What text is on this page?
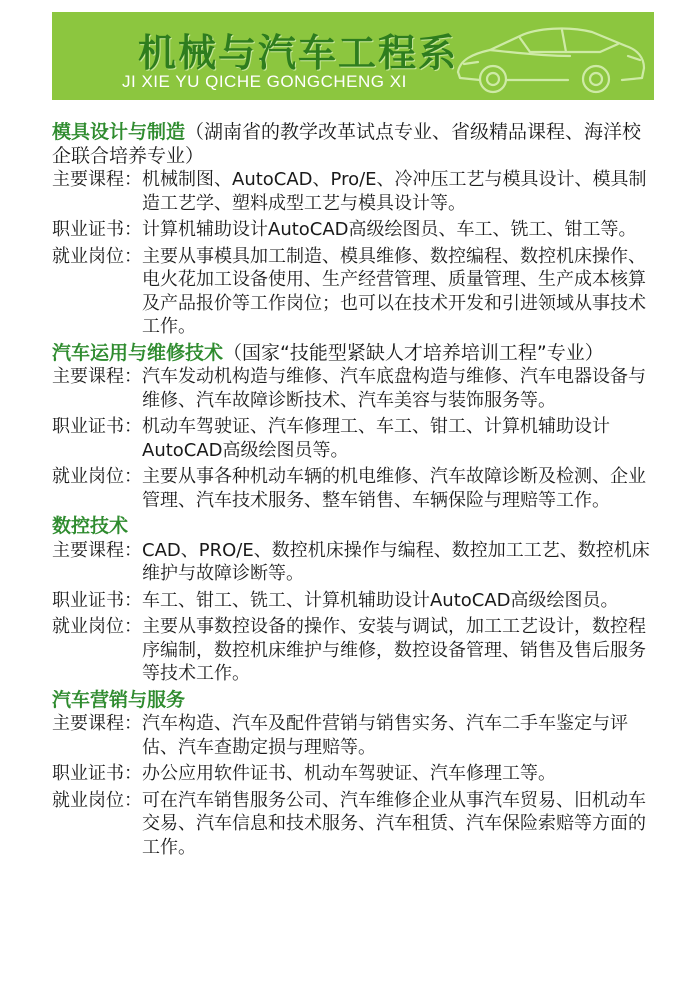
机械与汽车工程系
JI XIE YU QICHE GONGCHENG XI

模具设计与制造（湖南省的教学改革试点专业、省级精品课程、海洋校企联合培养专业）

主要课程： 机械制图、AutoCAD、Pro/E、冷冲压工艺与模具设计、模具制造工艺学、塑料成型工艺与模具设计等。
职业证书： 计算机辅助设计AutoCAD高级绘图员、车工、铣工、钳工等。
就业岗位： 主要从事模具加工制造、模具维修、数控编程、数控机床操作、电火花加工设备使用、生产经营管理、质量管理、生产成本核算及产品报价等工作岗位；也可以在技术开发和引进领域从事技术工作。

汽车运用与维修技术（国家“技能型紧缺人才培养培训工程”专业）

主要课程： 汽车发动机构造与维修、汽车底盘构造与维修、汽车电器设备与维修、汽车故障诊断技术、汽车美容与装饰服务等。
职业证书： 机动车驾驶证、汽车修理工、车工、钳工、计算机辅助设计AutoCAD高级绘图员等。
就业岗位： 主要从事各种机动车辆的机电维修、汽车故障诊断及检测、企业管理、汽车技术服务、整车销售、车辆保险与理赔等工作。

数控技术

主要课程： CAD、PRO/E、数控机床操作与编程、数控加工工艺、数控机床维护与故障诊断等。
职业证书： 车工、钳工、铣工、计算机辅助设计AutoCAD高级绘图员。
就业岗位： 主要从事数控设备的操作、安装与调试，加工工艺设计，数控程序编制，数控机床维护与维修，数控设备管理、销售及售后服务等技术工作。

汽车营销与服务

主要课程： 汽车构造、汽车及配件营销与销售实务、汽车二手车鉴定与评估、汽车查勘定损与理赔等。
职业证书： 办公应用软件证书、机动车驾驶证、汽车修理工等。
就业岗位： 可在汽车销售服务公司、汽车维修企业从事汽车贸易、旧机动车交易、汽车信息和技术服务、汽车租赁、汽车保险索赔等方面的工作。
